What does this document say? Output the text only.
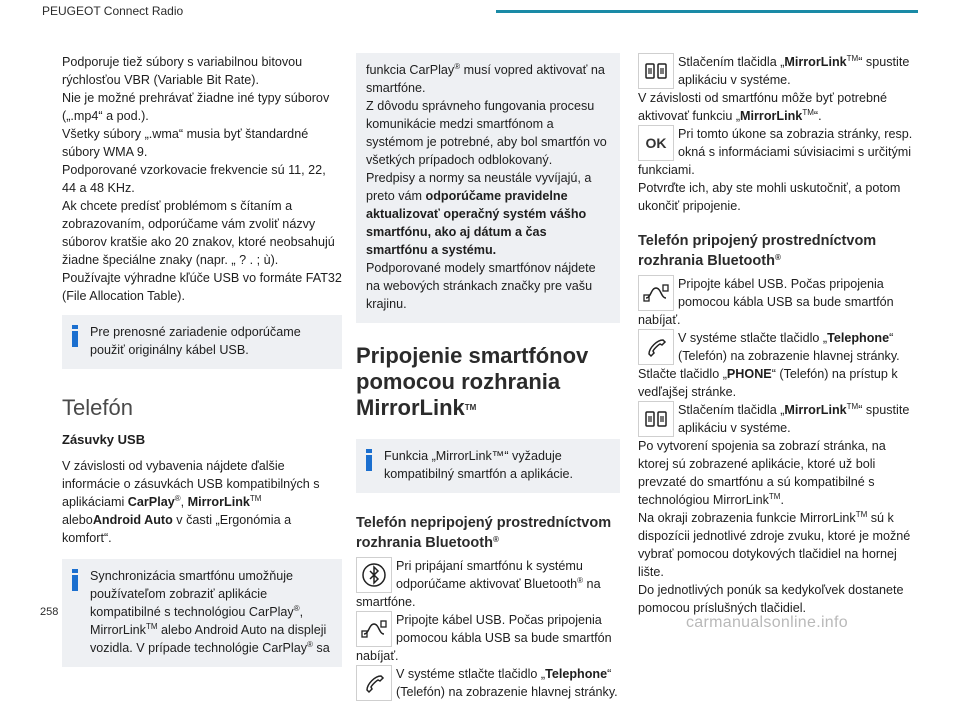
PEUGEOT Connect Radio

Podporuje tiež súbory s variabilnou bitovou rýchlosťou VBR (Variable Bit Rate).

Nie je možné prehrávať žiadne iné typy súborov („.mp4“ a pod.).

Všetky súbory „.wma“ musia byť štandardné súbory WMA 9.

Podporované vzorkovacie frekvencie sú 11, 22, 44 a 48 KHz.

Ak chcete predísť problémom s čítaním a zobrazovaním, odporúčame vám zvoliť názvy súborov kratšie ako 20 znakov, ktoré neobsahujú žiadne špeciálne znaky (napr. „ ? . ; ù).

Používajte výhradne kľúče USB vo formáte FAT32 (File Allocation Table).

Pre prenosné zariadenie odporúčame použiť originálny kábel USB.

Telefón

Zásuvky USB

V závislosti od vybavenia nájdete ďalšie informácie o zásuvkách USB kompatibilných s aplikáciami CarPlay®, MirrorLink™ aleboAndroid Auto v časti „Ergonómia a komfort“.

Synchronizácia smartfónu umožňuje používateľom zobraziť aplikácie kompatibilné s technológiou CarPlay®, MirrorLink™ alebo Android Auto na displeji vozidla. V prípade technológie CarPlay® sa

funkcia CarPlay® musí vopred aktivovať na smartfóne.

Z dôvodu správneho fungovania procesu komunikácie medzi smartfónom a systémom je potrebné, aby bol smartfón vo všetkých prípadoch odblokovaný.

Predpisy a normy sa neustále vyvíjajú, a preto vám odporúčame pravidelne aktualizovať operačný systém vášho smartfónu, ako aj dátum a čas smartfónu a systému.

Podporované modely smartfónov nájdete na webových stránkach značky pre vašu krajinu.

Pripojenie smartfónov pomocou rozhrania MirrorLink™

Funkcia „MirrorLink™“ vyžaduje kompatibilný smartfón a aplikácie.

Telefón nepripojený prostredníctvom rozhrania Bluetooth®

Pri pripájaní smartfónu k systému odporúčame aktivovať Bluetooth® na smartfóne.

Pripojte kábel USB. Počas pripojenia pomocou kábla USB sa bude smartfón nabíjať.

V systéme stlačte tlačidlo „Telephone“ (Telefón) na zobrazenie hlavnej stránky.

Stlačením tlačidla „MirrorLink™“ spustite aplikáciu v systéme.

V závislosti od smartfónu môže byť potrebné aktivovať funkciu „MirrorLink™“.

OK

Pri tomto úkone sa zobrazia stránky, resp. okná s informáciami súvisiacimi s určitými funkciami.

Potvrďte ich, aby ste mohli uskutočniť, a potom ukončiť pripojenie.

Telefón pripojený prostredníctvom rozhrania Bluetooth®

Pripojte kábel USB. Počas pripojenia pomocou kábla USB sa bude smartfón nabíjať.

V systéme stlačte tlačidlo „Telephone“ (Telefón) na zobrazenie hlavnej stránky.

Stlačte tlačidlo „PHONE“ (Telefón) na prístup k vedľajšej stránke.

Stlačením tlačidla „MirrorLink™“ spustite aplikáciu v systéme.

Po vytvorení spojenia sa zobrazí stránka, na ktorej sú zobrazené aplikácie, ktoré už boli prevzaté do smartfónu a sú kompatibilné s technológiou MirrorLink™.

Na okraji zobrazenia funkcie MirrorLink™ sú k dispozícii jednotlivé zdroje zvuku, ktoré je možné vybrať pomocou dotykových tlačidiel na hornej lište.

Do jednotlivých ponúk sa kedykoľvek dostanete pomocou príslušných tlačidiel.

258
carmanualsonline.info
